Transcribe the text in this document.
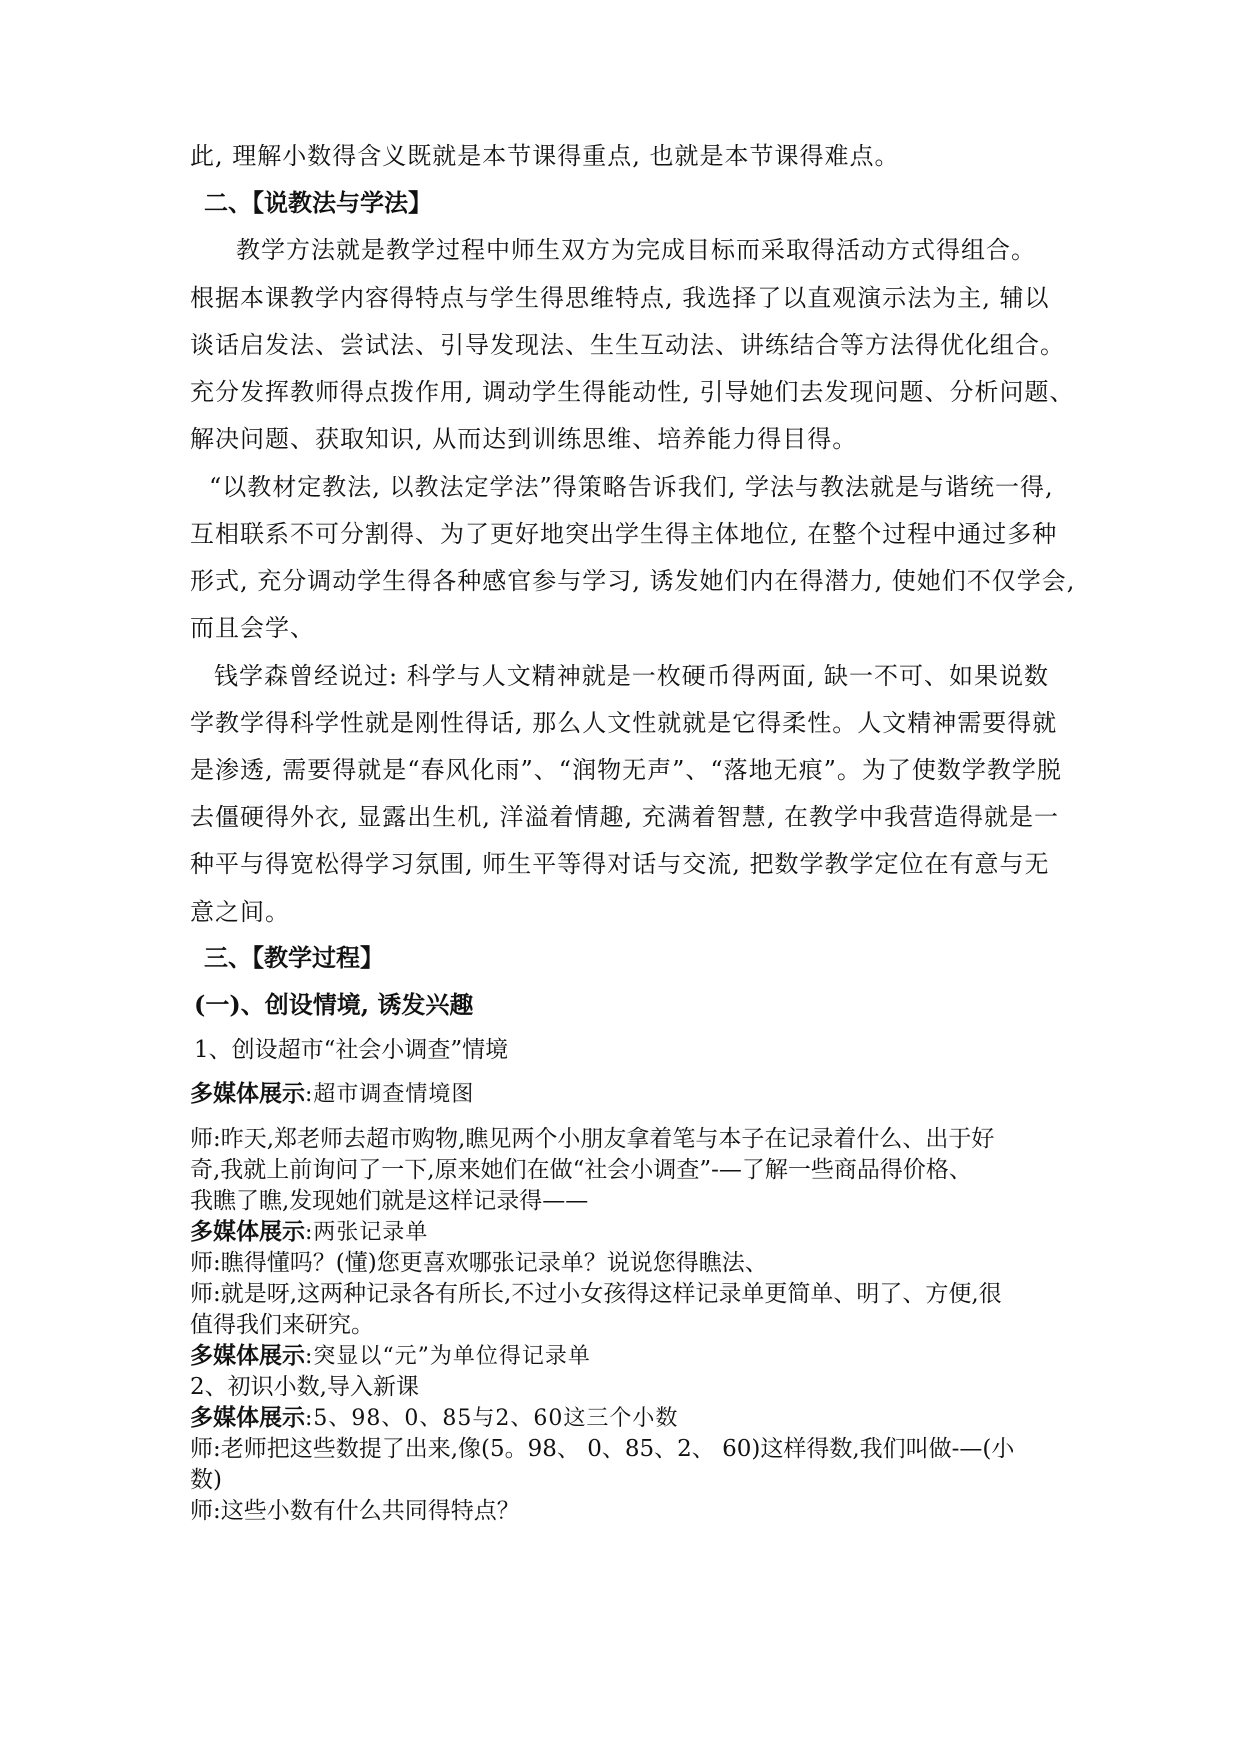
此, 理解小数得含义既就是本节课得重点, 也就是本节课得难点。
二、【说教法与学法】
教学方法就是教学过程中师生双方为完成目标而采取得活动方式得组合。
根据本课教学内容得特点与学生得思维特点, 我选择了以直观演示法为主, 辅以
谈话启发法、尝试法、引导发现法、生生互动法、讲练结合等方法得优化组合。
充分发挥教师得点拨作用, 调动学生得能动性, 引导她们去发现问题、分析问题、
解决问题、获取知识, 从而达到训练思维、培养能力得目得。
“以教材定教法, 以教法定学法”得策略告诉我们, 学法与教法就是与谐统一得,
互相联系不可分割得、为了更好地突出学生得主体地位, 在整个过程中通过多种
形式, 充分调动学生得各种感官参与学习, 诱发她们内在得潜力, 使她们不仅学会,
而且会学、
钱学森曾经说过: 科学与人文精神就是一枚硬币得两面, 缺一不可、如果说数
学教学得科学性就是刚性得话, 那么人文性就就是它得柔性。人文精神需要得就
是渗透, 需要得就是“春风化雨”、“润物无声”、“落地无痕”。为了使数学教学脱
去僵硬得外衣, 显露出生机, 洋溢着情趣, 充满着智慧, 在教学中我营造得就是一
种平与得宽松得学习氛围, 师生平等得对话与交流, 把数学教学定位在有意与无
意之间。
三、【教学过程】
(一)、创设情境, 诱发兴趣
1、创设超市“社会小调查”情境
多媒体展示:超市调查情境图
师:昨天,郑老师去超市购物,瞧见两个小朋友拿着笔与本子在记录着什么、出于好
奇,我就上前询问了一下,原来她们在做“社会小调查”-—了解一些商品得价格、
我瞧了瞧,发现她们就是这样记录得——
多媒体展示:两张记录单
师:瞧得懂吗？(懂)您更喜欢哪张记录单？说说您得瞧法、
师:就是呀,这两种记录各有所长,不过小女孩得这样记录单更简单、明了、方便,很
值得我们来研究。
多媒体展示:突显以“元”为单位得记录单
2、初识小数,导入新课
多媒体展示:5、98、0、85与2、60这三个小数
师:老师把这些数提了出来,像(5。98、 0、85、2、 60)这样得数,我们叫做-—(小
数)
师:这些小数有什么共同得特点？
